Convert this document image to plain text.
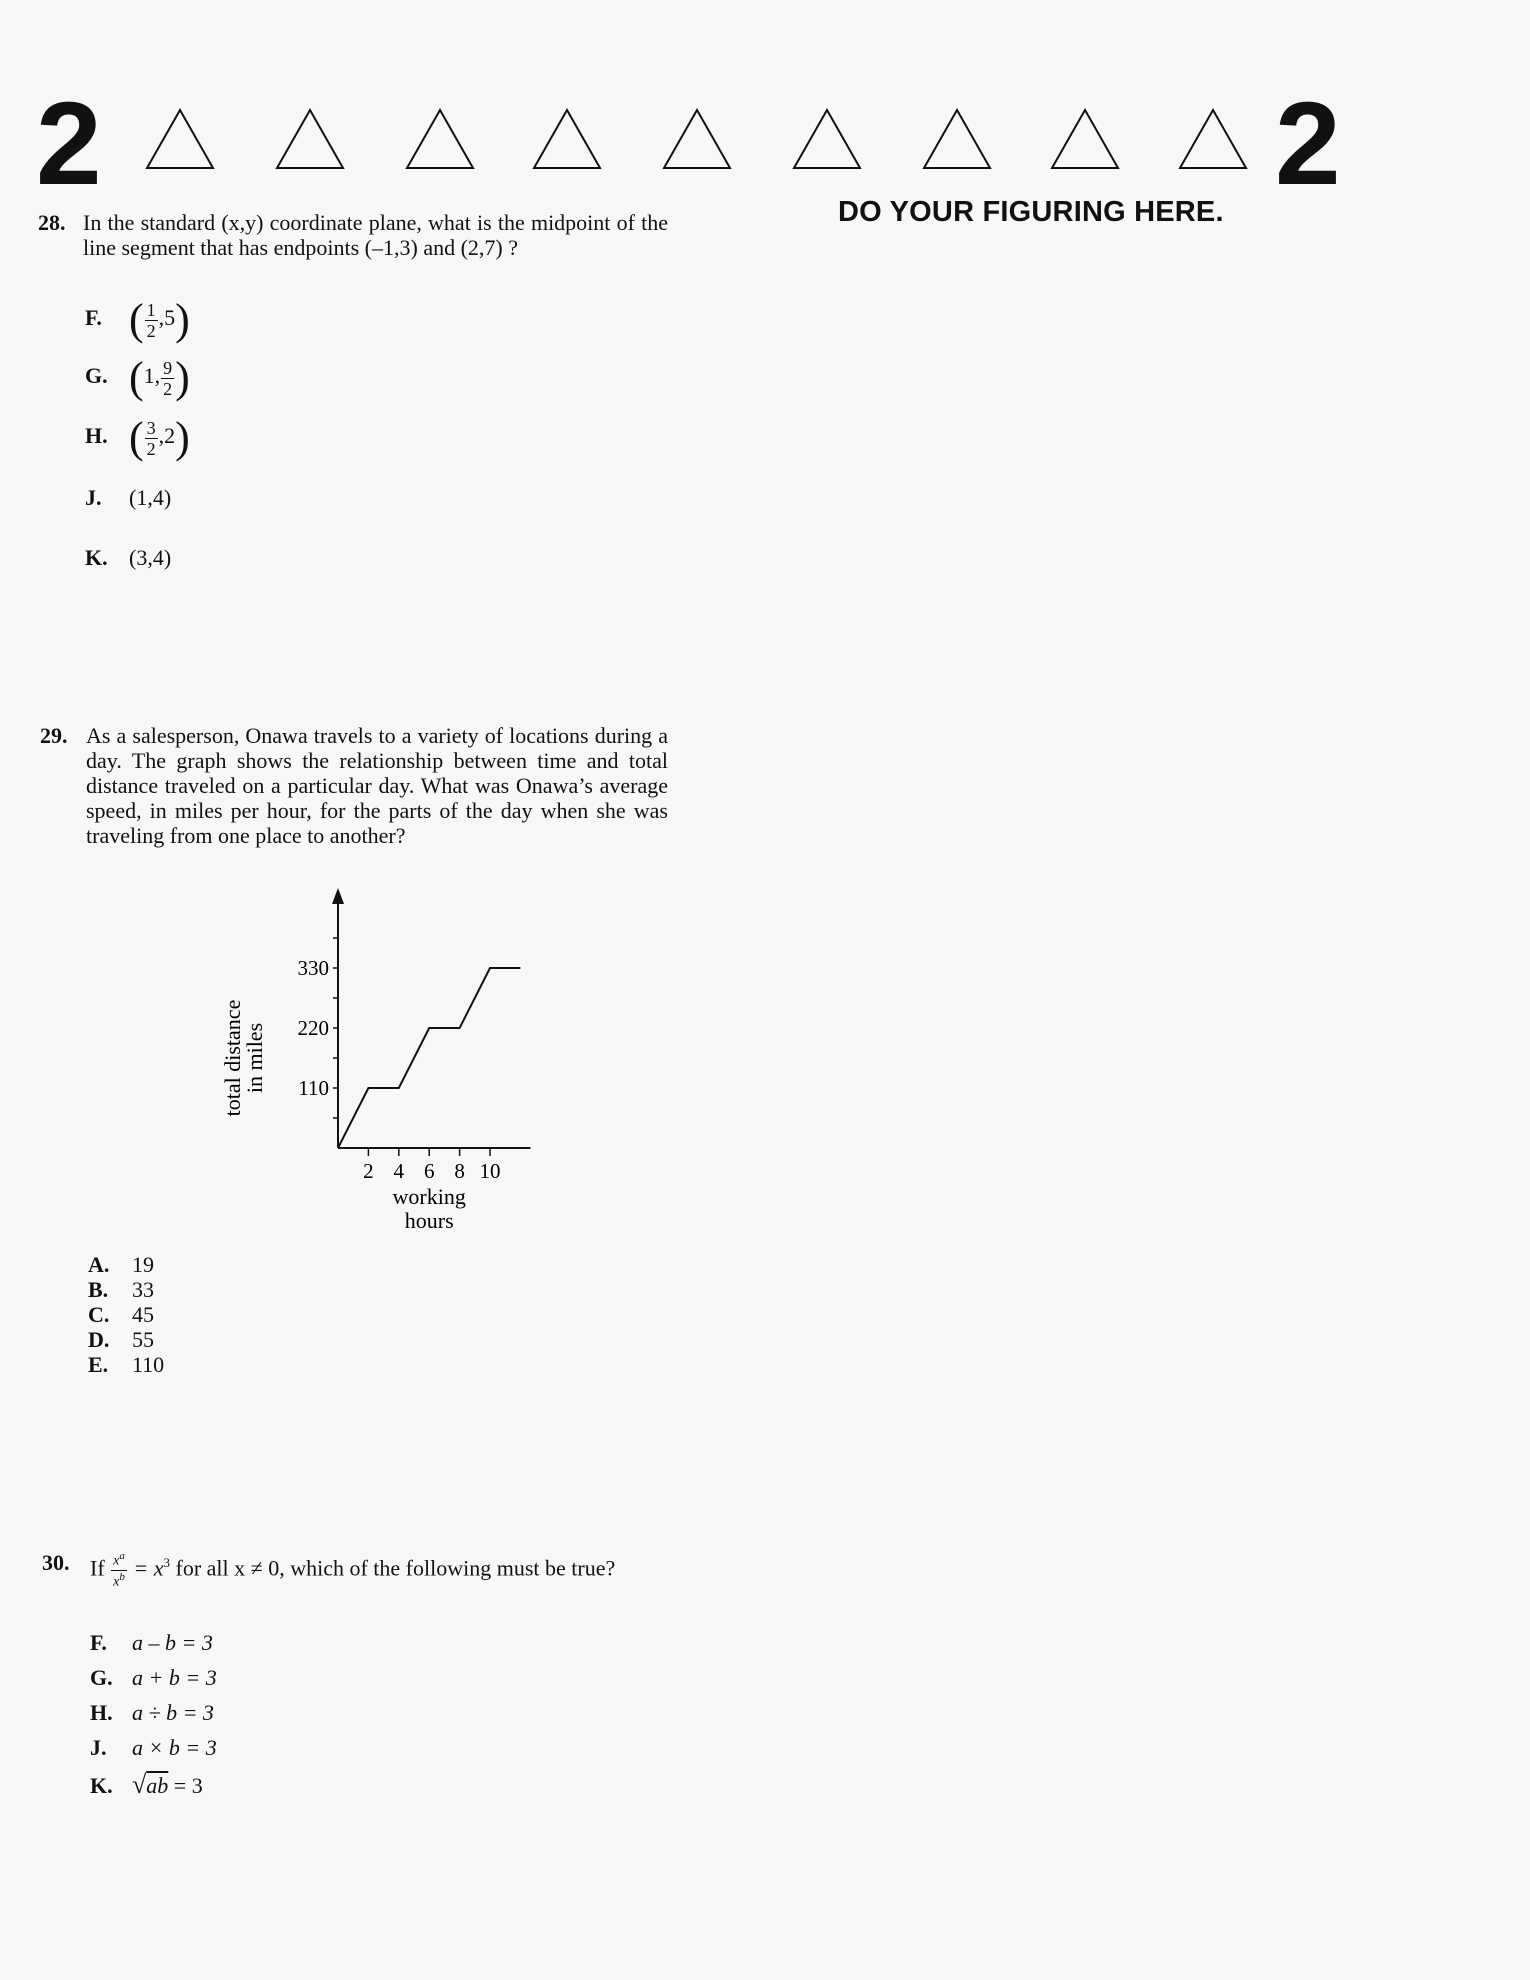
2	2
DO YOUR FIGURING HERE.
28. In the standard (x,y) coordinate plane, what is the midpoint of the line segment that has endpoints (–1,3) and (2,7) ?
F. ( $\frac{1}{2} ,5$)
G. (1, $\frac{9}{2}$ )
H. ( $\frac{3}{2} ,2$)
J. (1,4)
K. (3,4)
29. As a salesperson, Onawa travels to a variety of locations during a day. The graph shows the relationship between time and total distance traveled on a particular day. What was Onawa’s average speed, in miles per hour, for the parts of the day when she was traveling from one place to another?
110
220
330
2 4 6 8 10
working
hours
total distance
in miles
A. 19
B. 33
C. 45
D. 55
E. 110
30. If $\frac{x^a}{x^b} = x^3$ for all x ≠ 0, which of the following must be true?
F. a – b = 3
G. a + b = 3
H. a ÷ b = 3
J. a × b = 3
K. √ab = 3
